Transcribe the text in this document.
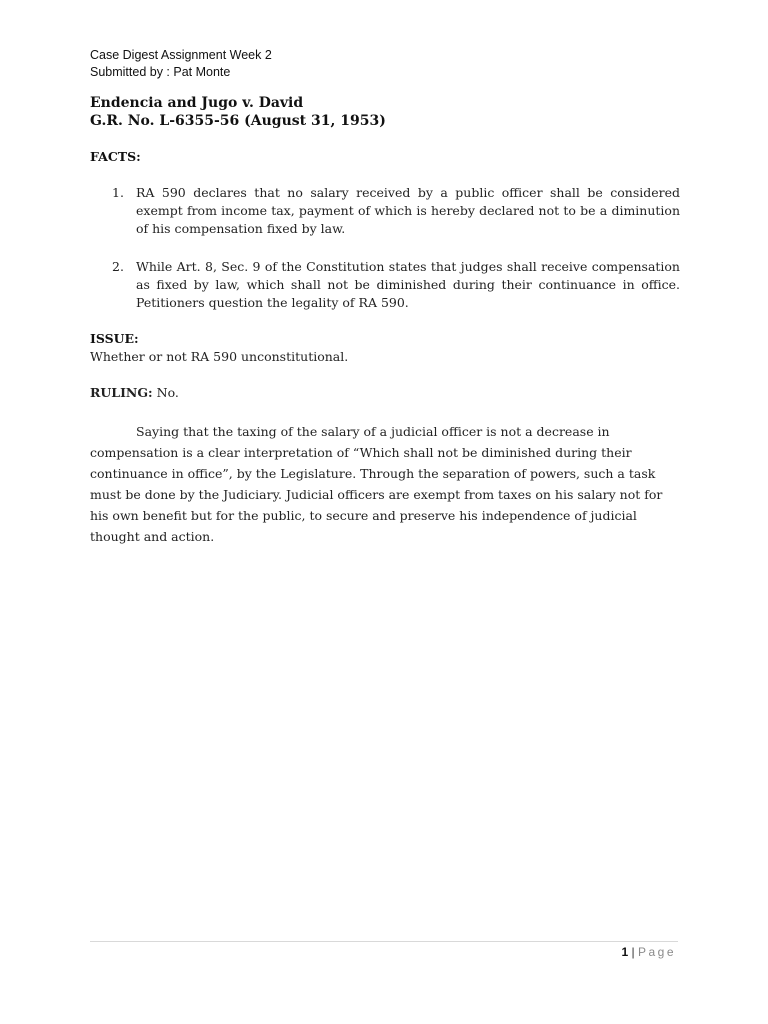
Case Digest Assignment Week 2
Submitted by : Pat Monte
Endencia and Jugo v. David
G.R. No. L-6355-56 (August 31, 1953)
FACTS:
1. RA 590 declares that no salary received by a public officer shall be considered exempt from income tax, payment of which is hereby declared not to be a diminution of his compensation fixed by law.
2. While Art. 8, Sec. 9 of the Constitution states that judges shall receive compensation as fixed by law, which shall not be diminished during their continuance in office. Petitioners question the legality of RA 590.
ISSUE:
Whether or not RA 590 unconstitutional.
RULING: No.
Saying that the taxing of the salary of a judicial officer is not a decrease in compensation is a clear interpretation of “Which shall not be diminished during their continuance in office”, by the Legislature. Through the separation of powers, such a task must be done by the Judiciary. Judicial officers are exempt from taxes on his salary not for his own benefit but for the public, to secure and preserve his independence of judicial thought and action.
1 | Page
